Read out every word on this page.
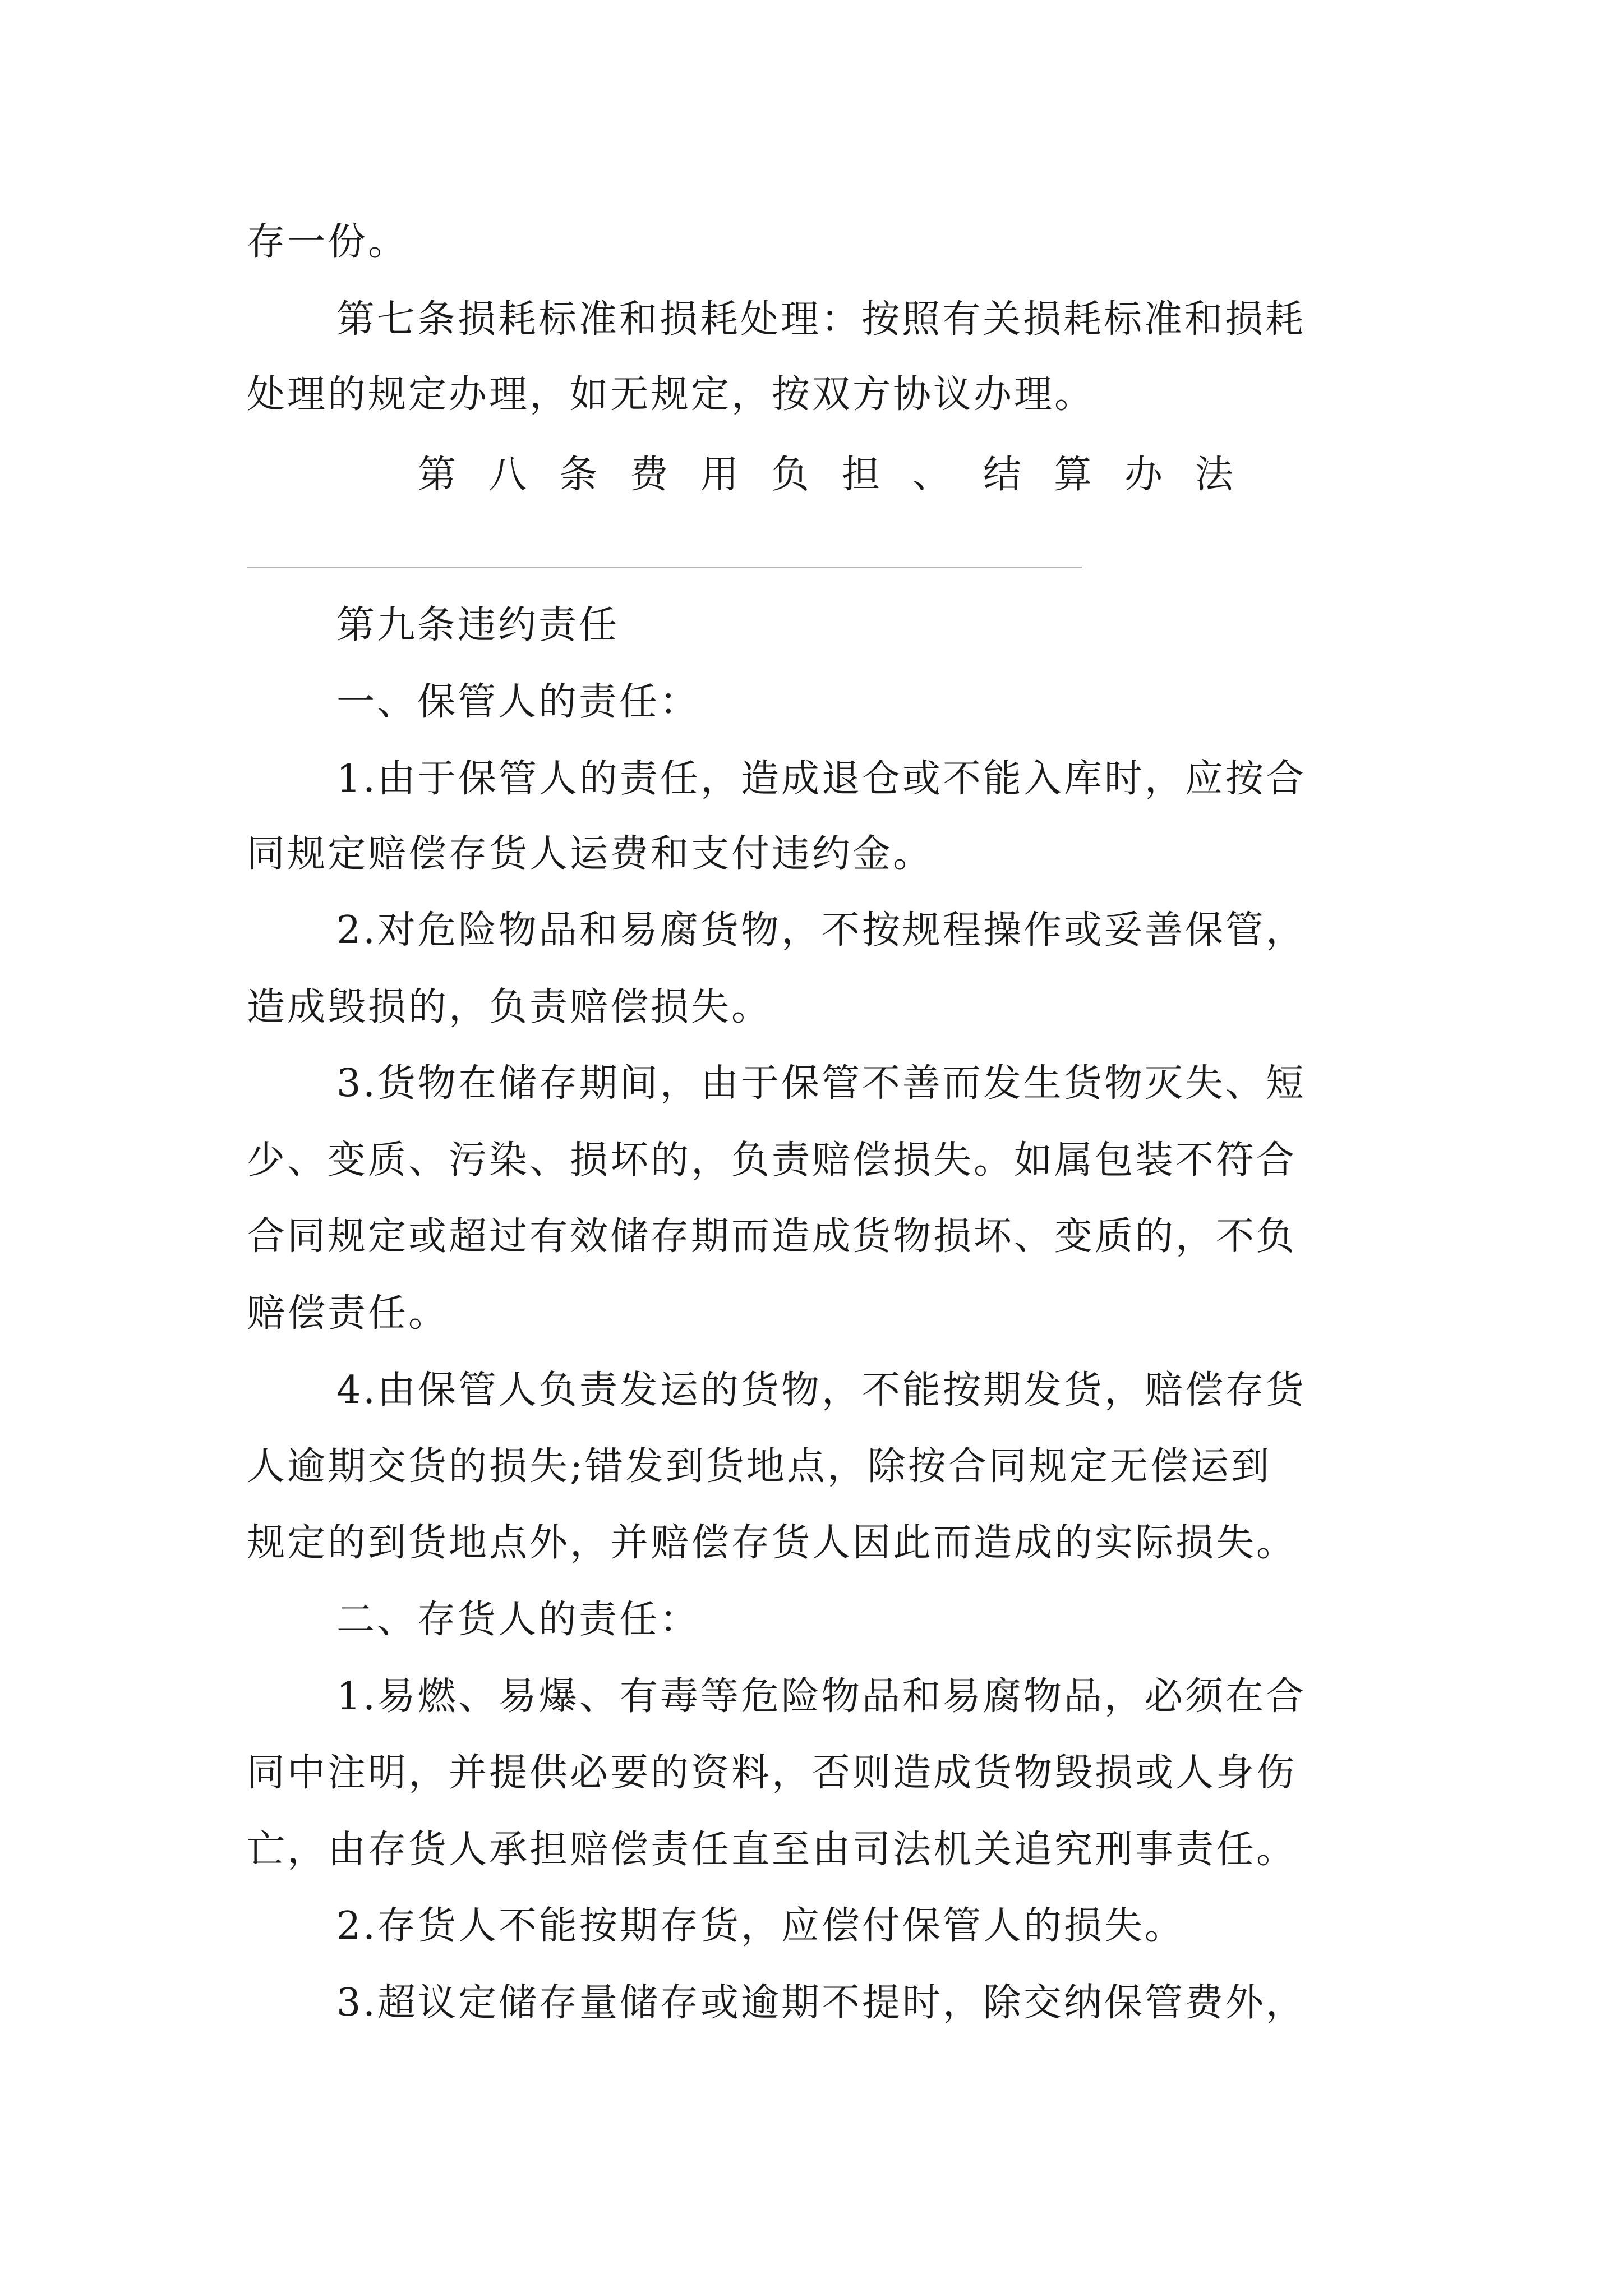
存一份。
第七条损耗标准和损耗处理：按照有关损耗标准和损耗
处理的规定办理，如无规定，按双方协议办理。
第八条费用负担、结算办法
第九条违约责任
一、保管人的责任：
1.由于保管人的责任，造成退仓或不能入库时，应按合
同规定赔偿存货人运费和支付违约金。
2.对危险物品和易腐货物，不按规程操作或妥善保管，
造成毁损的，负责赔偿损失。
3.货物在储存期间，由于保管不善而发生货物灭失、短
少、变质、污染、损坏的，负责赔偿损失。如属包装不符合
合同规定或超过有效储存期而造成货物损坏、变质的，不负
赔偿责任。
4.由保管人负责发运的货物，不能按期发货，赔偿存货
人逾期交货的损失;错发到货地点，除按合同规定无偿运到
规定的到货地点外，并赔偿存货人因此而造成的实际损失。
二、存货人的责任：
1.易燃、易爆、有毒等危险物品和易腐物品，必须在合
同中注明，并提供必要的资料，否则造成货物毁损或人身伤
亡，由存货人承担赔偿责任直至由司法机关追究刑事责任。
2.存货人不能按期存货，应偿付保管人的损失。
3.超议定储存量储存或逾期不提时，除交纳保管费外，
